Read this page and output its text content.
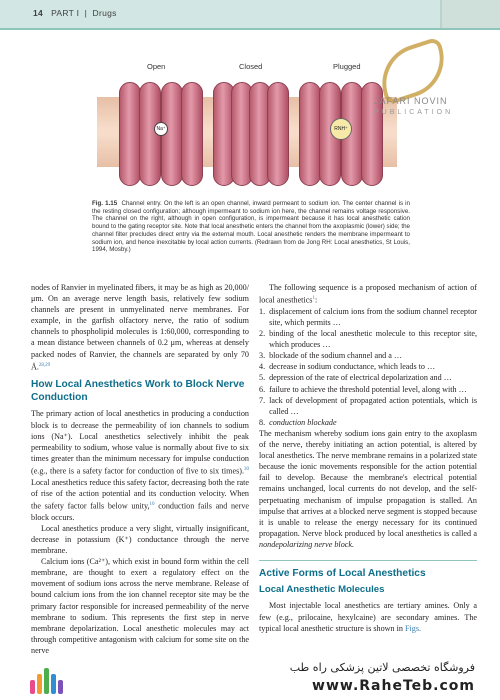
14 PART I | Drugs
Open	Closed	Plugged
Na⁺	RNH⁺
JAFARI NOVIN
PUBLICATION
Fig. 1.15 Channel entry. On the left is an open channel, inward permeant to sodium ion. The center channel is in the resting closed configuration; although impermeant to sodium ion here, the channel remains voltage responsive. The channel on the right, although in open configuration, is impermeant because it has local anesthetic cation bound to the gating receptor site. Note that local anesthetic enters the channel from the axoplasmic (lower) side; the channel filter precludes direct entry via the external mouth. Local anesthetic renders the membrane impermeant to sodium ion, and hence inexcitable by local action currents. (Redrawn from de Jong RH: Local anesthetics, St Louis, 1994, Mosby.)

nodes of Ranvier in myelinated fibers, it may be as high as 20,000/μm. On an average nerve length basis, relatively few sodium channels are present in unmyelinated nerve membranes. For example, in the garfish olfactory nerve, the ratio of sodium channels to phospholipid molecules is 1:60,000, corresponding to a mean distance between channels of 0.2 μm, whereas at densely packed nodes of Ranvier, the channels are separated by only 70 Å.$^{28,29}$

How Local Anesthetics Work to Block Nerve Conduction

The primary action of local anesthetics in producing a conduction block is to decrease the permeability of ion channels to sodium ions (Na⁺). Local anesthetics selectively inhibit the peak permeability to sodium, whose value is normally about five to six times greater than the minimum necessary for impulse conduction (e.g., there is a safety factor for conduction of five to six times).$^{30}$ Local anesthetics reduce this safety factor, decreasing both the rate of rise of the action potential and its conduction velocity. When the safety factor falls below unity,$^{10}$ conduction fails and nerve block occurs.

Local anesthetics produce a very slight, virtually insignificant, decrease in potassium (K⁺) conductance through the nerve membrane.

Calcium ions (Ca²⁺), which exist in bound form within the cell membrane, are thought to exert a regulatory effect on the movement of sodium ions across the nerve membrane. Release of bound calcium ions from the ion channel receptor site may be the primary factor responsible for increased permeability of the nerve membrane to sodium. This represents the first step in nerve membrane depolarization. Local anesthetic molecules may act through competitive antagonism with calcium for some site on the nerve

The following sequence is a proposed mechanism of action of local anesthetics$^1$:

1. displacement of calcium ions from the sodium channel receptor site, which permits …
2. binding of the local anesthetic molecule to this receptor site, which produces …
3. blockade of the sodium channel and a …
4. decrease in sodium conductance, which leads to …
5. depression of the rate of electrical depolarization and …
6. failure to achieve the threshold potential level, along with …
7. lack of development of propagated action potentials, which is called …
8. conduction blockade

The mechanism whereby sodium ions gain entry to the axoplasm of the nerve, thereby initiating an action potential, is altered by local anesthetics. The nerve membrane remains in a polarized state because the ionic movements responsible for the action potential fail to develop. Because the membrane's electrical potential remains unchanged, local currents do not develop, and the self-perpetuating mechanism of impulse propagation is stalled. An impulse that arrives at a blocked nerve segment is stopped because it is unable to release the energy necessary for its continued propagation. Nerve block produced by local anesthetics is called a nondepolarizing nerve block.

Active Forms of Local Anesthetics
Local Anesthetic Molecules

Most injectable local anesthetics are tertiary amines. Only a few (e.g., prilocaine, hexylcaine) are secondary amines. The typical local anesthetic structure is shown in Figs.

فروشگاه تخصصی لاتین پزشکی راه طب
www.RaheTeb.com
